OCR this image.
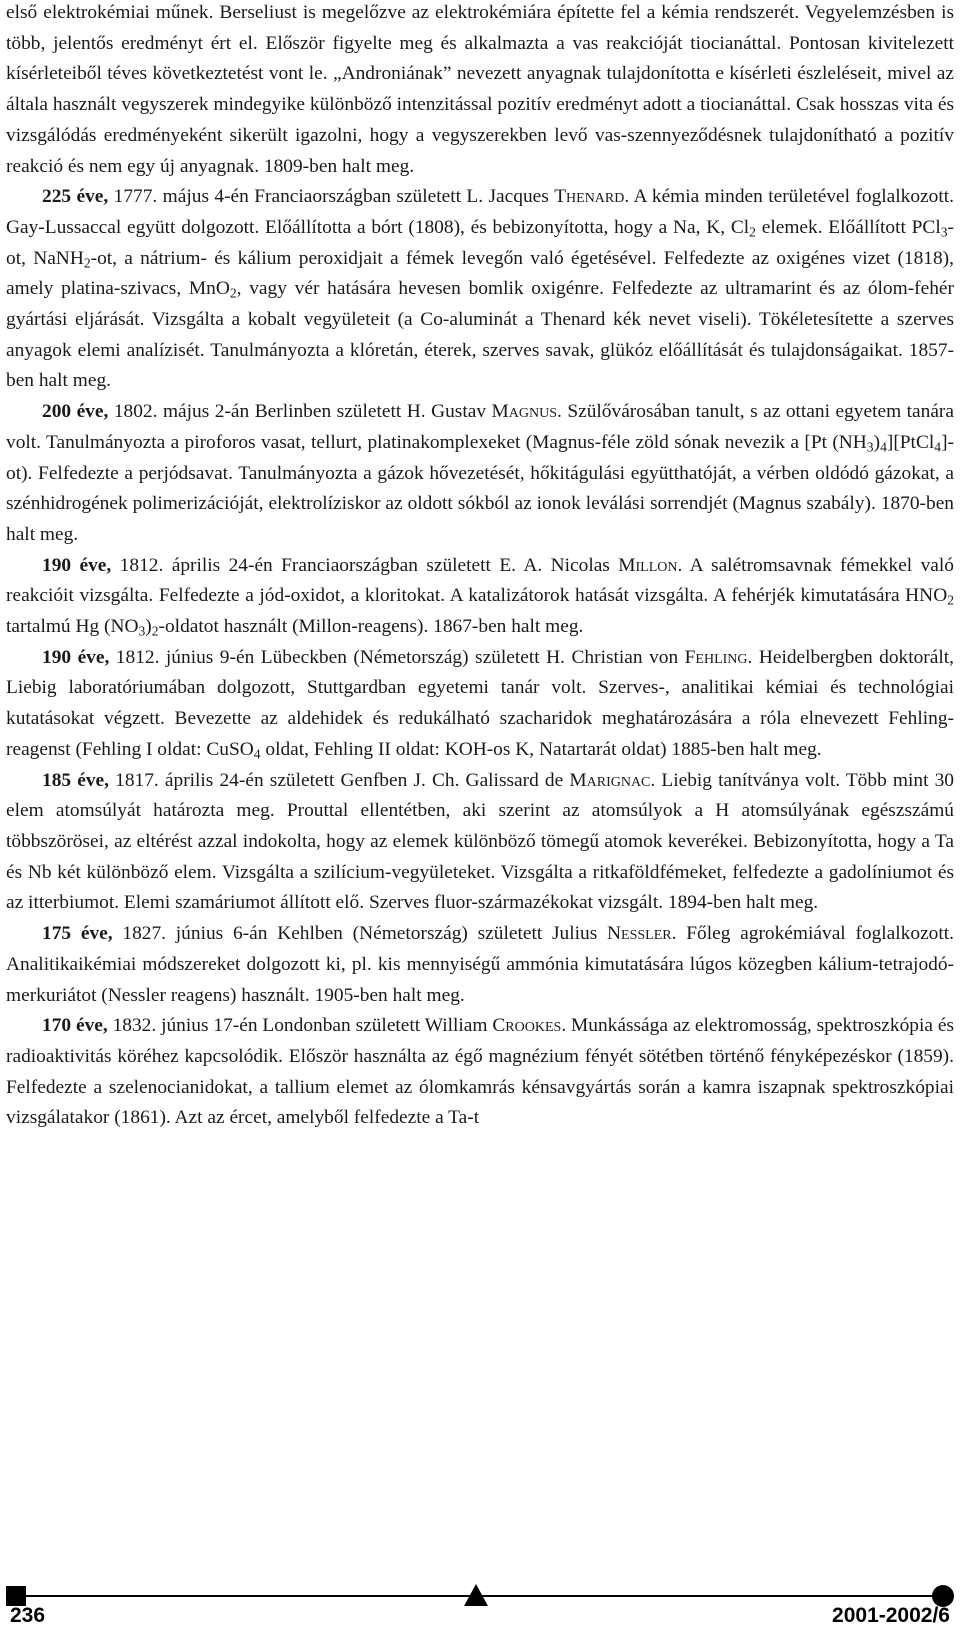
első elektrokémiai műnek. Berseliust is megelőzve az elektrokémiára építette fel a kémia rendszerét. Vegyelemzésben is több, jelentős eredményt ért el. Először figyelte meg és alkalmazta a vas reakcióját tiocianáttal. Pontosan kivitelezett kísérleteiből téves következtetést vont le. „Androniának” nevezett anyagnak tulajdonította e kísérleti észleléseit, mivel az általa használt vegyszerek mindegyike különböző intenzitással pozitív eredményt adott a tiocianáttal. Csak hosszas vita és vizsgálódás eredményeként sikerült igazolni, hogy a vegyszerekben levő vas-szennyeződésnek tulajdonítható a pozitív reakció és nem egy új anyagnak. 1809-ben halt meg.

225 éve, 1777. május 4-én Franciaországban született L. Jacques Thenard. A kémia minden területével foglalkozott. Gay-Lussaccal együtt dolgozott. Előállította a bórt (1808), és bebizonyította, hogy a Na, K, $Cl_2$ elemek. Előállított PCl$_3$-ot, NaNH$_2$-ot, a nátrium- és kálium peroxidjait a fémek levegőn való égetésével. Felfedezte az oxigénes vizet (1818), amely platina-szivacs, MnO$_2$, vagy vér hatására hevesen bomlik oxigénre. Felfedezte az ultramarint és az ólom-fehér gyártási eljárását. Vizsgálta a kobalt vegyületeit (a Co-aluminát a Thenard kék nevet viseli). Tökéletesítette a szerves anyagok elemi analízisét. Tanulmányozta a klóretán, éterek, szerves savak, glükóz előállítását és tulajdonságaikat. 1857-ben halt meg.

200 éve, 1802. május 2-án Berlinben született H. Gustav Magnus. Szülővárosában tanult, s az ottani egyetem tanára volt. Tanulmányozta a piroforos vasat, tellurt, platinakomplexeket (Magnus-féle zöld sónak nevezik a [Pt $(NH_3)_4][PtCl_4]-ot$). Felfedezte a perjódsavat. Tanulmányozta a gázok hővezetését, hőkitágulási együtthatóját, a vérben oldódó gázokat, a szénhidrogének polimerizációját, elektrolíziskor az oldott sókból az ionok leválási sorrendjét (Magnus szabály). 1870-ben halt meg.

190 éve, 1812. április 24-én Franciaországban született E. A. Nicolas Millon. A salétromsavnak fémekkel való reakcióit vizsgálta. Felfedezte a jód-oxidot, a kloritokat. A katalizátorok hatását vizsgálta. A fehérjék kimutatására $HNO_2$ tartalmú Hg $(NO_3)_2$-oldatot használt (Millon-reagens). 1867-ben halt meg.

190 éve, 1812. június 9-én Lübeckben (Németország) született H. Christian von Fehling. Heidelbergben doktorált, Liebig laboratóriumában dolgozott, Stuttgardban egyetemi tanár volt. Szerves-, analitikai kémiai és technológiai kutatásokat végzett. Bevezette az aldehidek és redukálható szacharidok meghatározására a róla elnevezett Fehling-reagenst (Fehling I oldat: CuSO$_4$ oldat, Fehling II oldat: KOH-os K, Natartarát oldat) 1885-ben halt meg.

185 éve, 1817. április 24-én született Genfben J. Ch. Galissard de Marignac. Liebig tanítványa volt. Több mint 30 elem atomsúlyát határozta meg. Prouttal ellentétben, aki szerint az atomsúlyok a H atomsúlyának egészszámú többszörösei, az eltérést azzal indokolta, hogy az elemek különböző tömegű atomok keverékei. Bebizonyította, hogy a Ta és Nb két különböző elem. Vizsgálta a szilícium-vegyületeket. Vizsgálta a ritkaföldfémeket, felfedezte a gadolíniumot és az itterbiumot. Elemi szamáriumot állított elő. Szerves fluor-származékokat vizsgált. 1894-ben halt meg.

175 éve, 1827. június 6-án Kehlben (Németország) született Julius Nessler. Főleg agrokémiával foglalkozott. Analitikaikémiai módszereket dolgozott ki, pl. kis mennyiségű ammónia kimutatására lúgos közegben kálium-tetrajodó-merkuriátot (Nessler reagens) használt. 1905-ben halt meg.

170 éve, 1832. június 17-én Londonban született William Crookes. Munkássága az elektromosság, spektroszkópia és radioaktivitás köréhez kapcsolódik. Először használta az égő magnézium fényét sötétben történő fényképezéskor (1859). Felfedezte a szelenocianidokat, a tallium elemet az ólomkamrás kénsavgyártás során a kamra iszapnak spektroszkópiai vizsgálatakor (1861). Azt az ércet, amelyből felfedezte a Ta-t

236	2001-2002/6
